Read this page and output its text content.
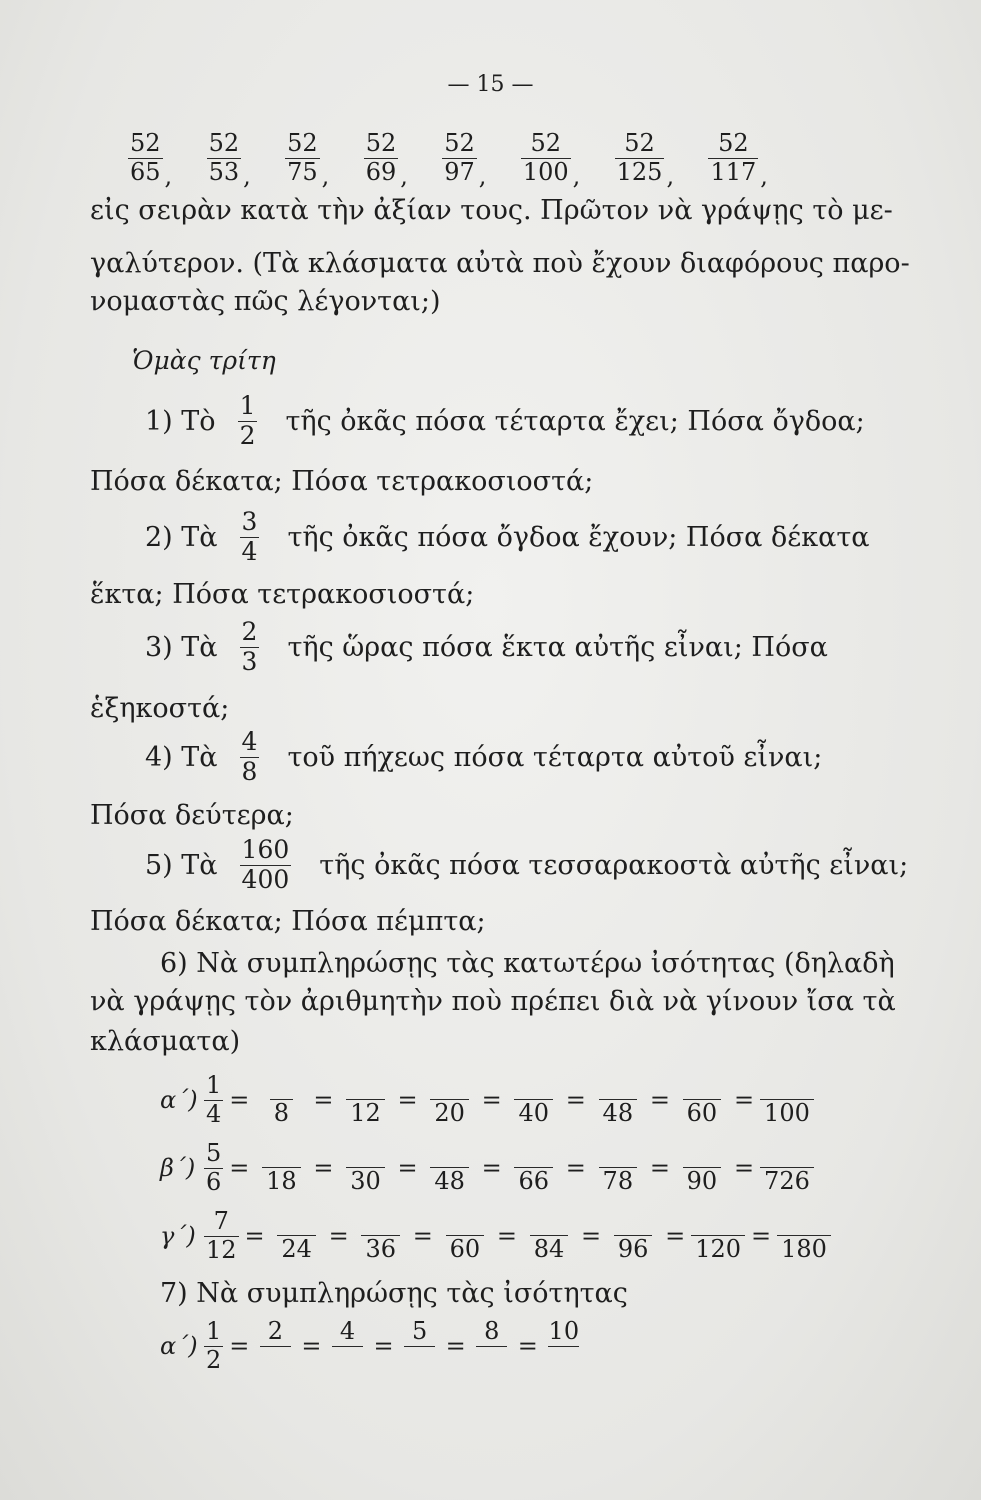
— 15 —
$\frac{52}{65}$ , $\frac{52}{53}$ , $\frac{52}{75}$ , $\frac{52}{69}$ , $\frac{52}{97}$ , $\frac{52}{100}$ , $\frac{52}{125}$ , $\frac{52}{117}$ ,
εἰς σειρὰν κατὰ τὴν ἀξίαν τους. Πρῶτον νὰ γράψῃς τὸ με-
γαλύτερον. (Τὰ κλάσματα αὐτὰ ποὺ ἔχουν διαφόρους παρο-
νομαστὰς πῶς λέγονται;)
Ὁμὰς τρίτη
1) Τὸ $\frac{1}{2}$ τῆς ὀκᾶς πόσα τέταρτα ἔχει; Πόσα ὄγδοα;
Πόσα δέκατα; Πόσα τετρακοσιοστά;
2) Τὰ $\frac{3}{4}$ τῆς ὀκᾶς πόσα ὄγδοα ἔχουν; Πόσα δέκατα
ἕκτα; Πόσα τετρακοσιοστά;
3) Τὰ $\frac{2}{3}$ τῆς ὥρας πόσα ἕκτα αὐτῆς εἶναι; Πόσα
ἑξηκοστά;
4) Τὰ $\frac{4}{8}$ τοῦ πήχεως πόσα τέταρτα αὐτοῦ εἶναι;
Πόσα δεύτερα;
5) Τὰ $\frac{160}{400}$ τῆς ὀκᾶς πόσα τεσσαρακοστὰ αὐτῆς εἶναι;
Πόσα δέκατα; Πόσα πέμπτα;
6) Νὰ συμπληρώσῃς τὰς κατωτέρω ἰσότητας (δηλαδὴ
νὰ γράψῃς τὸν ἀριθμητὴν ποὺ πρέπει διὰ νὰ γίνουν ἴσα τὰ
κλάσματα)
$\alpha΄) \frac{1}{4} = 8 = 12 = 20 = 40 = 48 = 60 = 100$
$\beta΄) \frac{5}{6} = 18 = 30 = 48 = 66 = 78 = 90 = 726$
$\gamma΄) \frac{7}{12} = 24 = 36 = 60 = 84 = 96 = 120 = 180$
7) Νὰ συμπληρώσῃς τὰς ἰσότητας
$\alpha΄) \frac{1}{2}$ =
2

=
4

=
5

=
8

=
10
